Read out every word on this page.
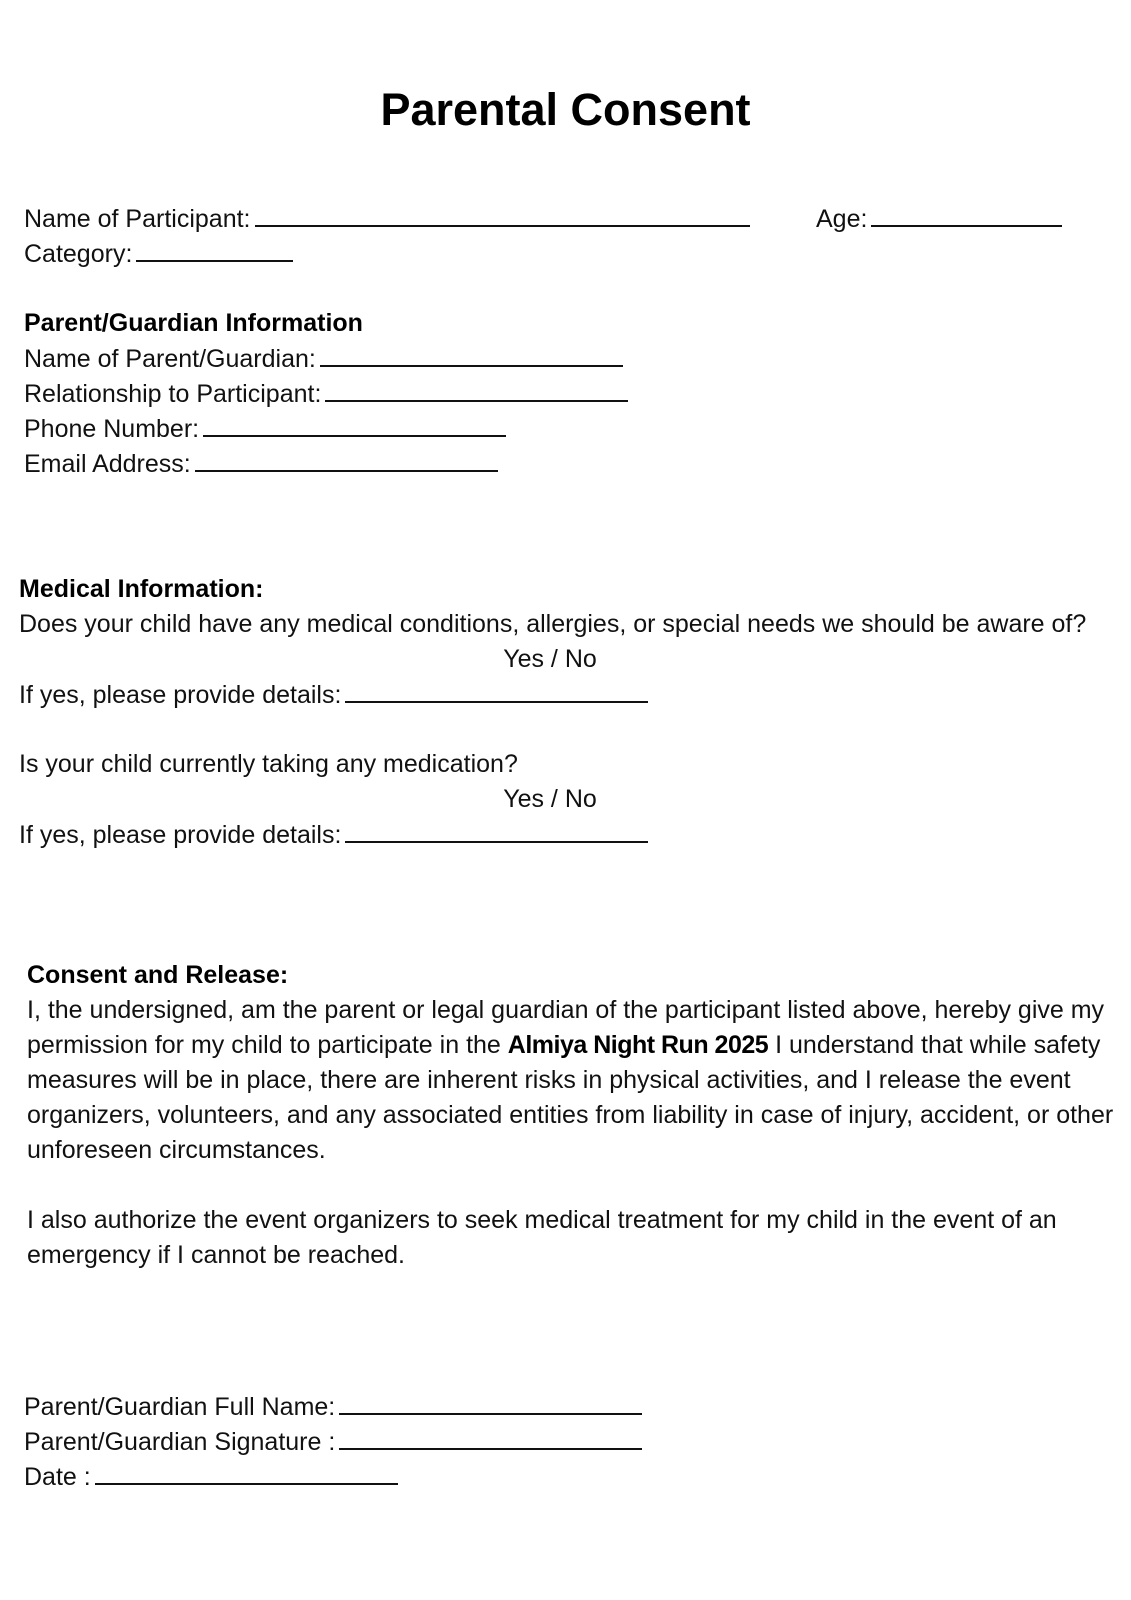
Parental Consent
Name of Participant:	Age:
Category:
Parent/Guardian Information
Name of Parent/Guardian:
Relationship to Participant:
Phone Number:
Email Address:
Medical Information:
Does your child have any medical conditions, allergies, or special needs we should be aware of?
Yes / No
If yes, please provide details:
Is your child currently taking any medication?
Yes / No
If yes, please provide details:
Consent and Release:
I, the undersigned, am the parent or legal guardian of the participant listed above, hereby give my permission for my child to participate in the Almiya Night Run 2025 I understand that while safety measures will be in place, there are inherent risks in physical activities, and I release the event organizers, volunteers, and any associated entities from liability in case of injury, accident, or other unforeseen circumstances.
I also authorize the event organizers to seek medical treatment for my child in the event of an emergency if I cannot be reached.
Parent/Guardian Full Name:
Parent/Guardian Signature :
Date :
